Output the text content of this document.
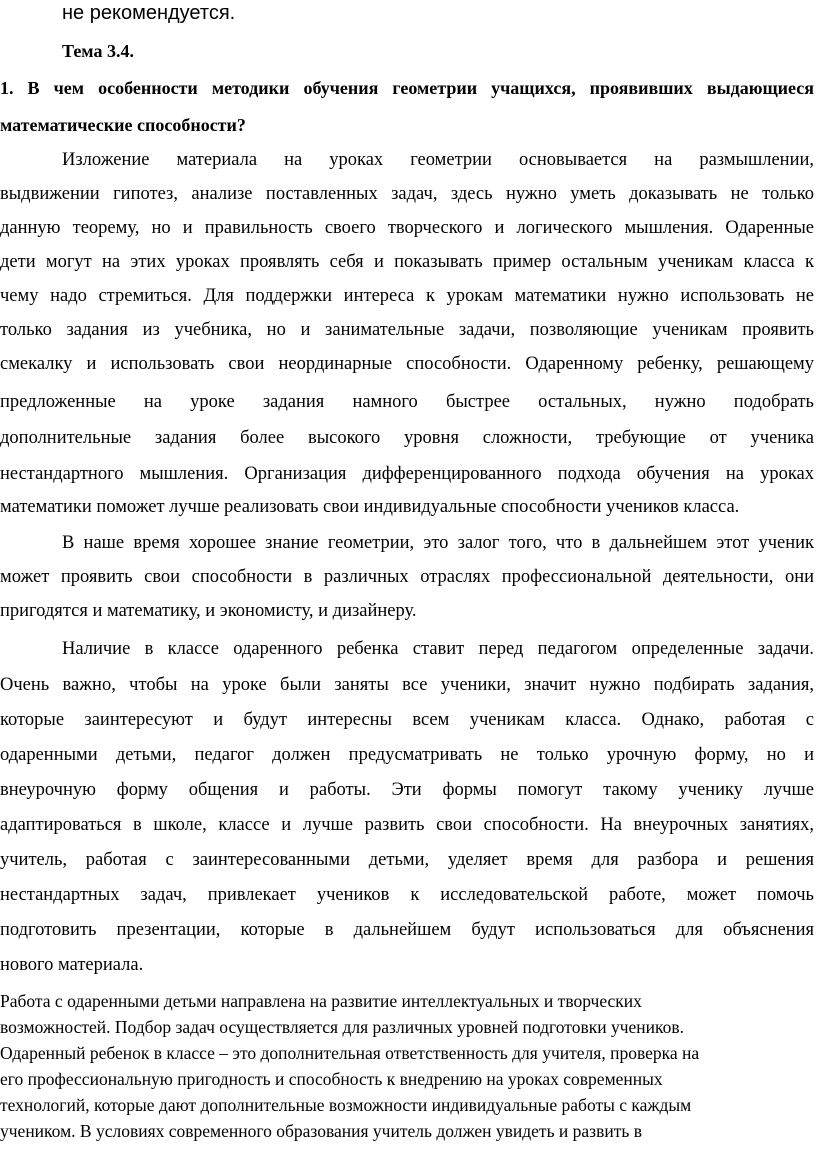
не рекомендуется.
Тема 3.4.
1. В чем особенности методики обучения геометрии учащихся, проявивших выдающиеся
математические способности?
Изложение материала на уроках геометрии основывается на размышлении,
выдвижении гипотез, анализе поставленных задач, здесь нужно уметь доказывать не только
данную теорему, но и правильность своего творческого и логического мышления. Одаренные
дети могут на этих уроках проявлять себя и показывать пример остальным ученикам класса к
чему надо стремиться. Для поддержки интереса к урокам математики нужно использовать не
только задания из учебника, но и занимательные задачи, позволяющие ученикам проявить
смекалку и использовать свои неординарные способности. Одаренному ребенку, решающему
предложенные на уроке задания намного быстрее остальных, нужно подобрать
дополнительные задания более высокого уровня сложности, требующие от ученика
нестандартного мышления. Организация дифференцированного подхода обучения на уроках
математики поможет лучше реализовать свои индивидуальные способности учеников класса.
В наше время хорошее знание геометрии, это залог того, что в дальнейшем этот ученик
может проявить свои способности в различных отраслях профессиональной деятельности, они
пригодятся и математику, и экономисту, и дизайнеру.
Наличие в классе одаренного ребенка ставит перед педагогом определенные задачи.
Очень важно, чтобы на уроке были заняты все ученики, значит нужно подбирать задания,
которые заинтересуют и будут интересны всем ученикам класса. Однако, работая с
одаренными детьми, педагог должен предусматривать не только урочную форму, но и
внеурочную форму общения и работы. Эти формы помогут такому ученику лучше
адаптироваться в школе, классе и лучше развить свои способности. На внеурочных занятиях,
учитель, работая с заинтересованными детьми, уделяет время для разбора и решения
нестандартных задач, привлекает учеников к исследовательской работе, может помочь
подготовить презентации, которые в дальнейшем будут использоваться для объяснения
нового материала.
Работа с одаренными детьми направлена на развитие интеллектуальных и творческих
возможностей. Подбор задач осуществляется для различных уровней подготовки учеников.
Одаренный ребенок в классе – это дополнительная ответственность для учителя, проверка на
его профессиональную пригодность и способность к внедрению на уроках современных
технологий, которые дают дополнительные возможности индивидуальные работы с каждым
учеником. В условиях современного образования учитель должен увидеть и развить в
